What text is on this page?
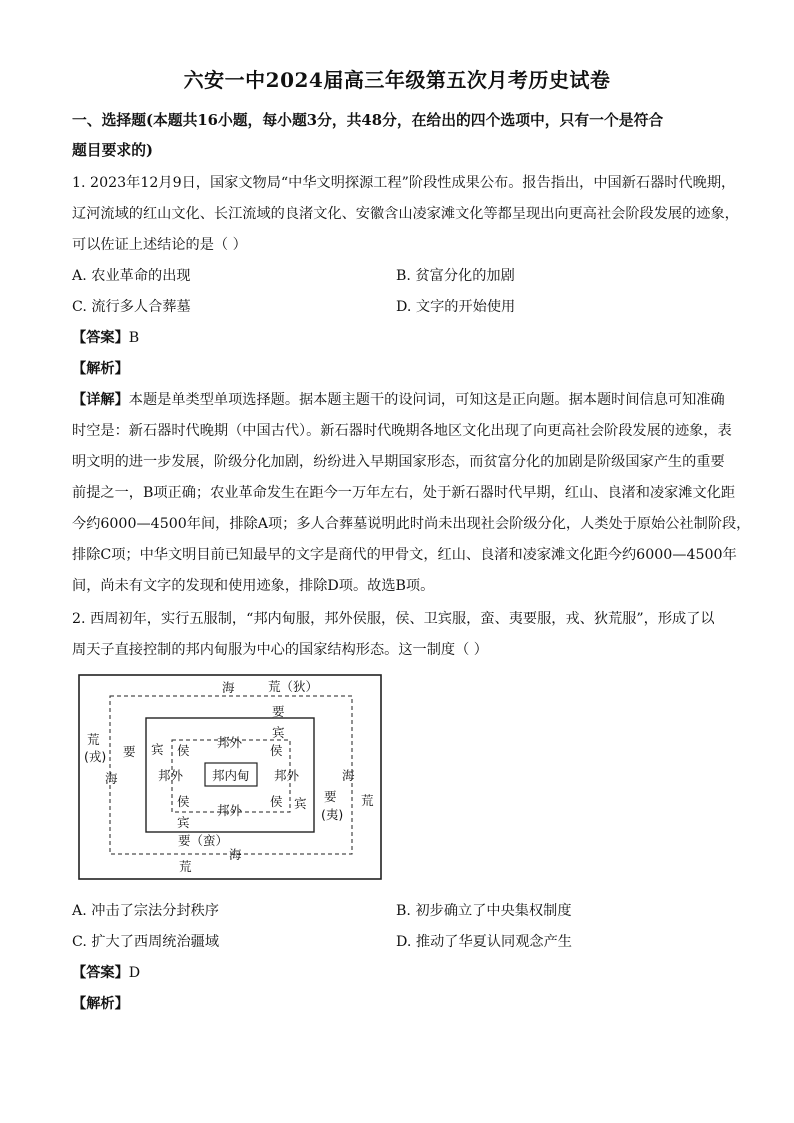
六安一中2024届高三年级第五次月考历史试卷
一、选择题(本题共16小题，每小题3分，共48分，在给出的四个选项中，只有一个是符合
题目要求的)
1. 2023年12月9日，国家文物局“中华文明探源工程”阶段性成果公布。报告指出，中国新石器时代晚期，
辽河流域的红山文化、长江流域的良渚文化、安徽含山凌家滩文化等都呈现出向更高社会阶段发展的迹象，
可以佐证上述结论的是（ ）
A. 农业革命的出现	B. 贫富分化的加剧
C. 流行多人合葬墓	D. 文字的开始使用
【答案】B
【解析】
【详解】本题是单类型单项选择题。据本题主题干的设问词，可知这是正向题。据本题时间信息可知准确
时空是：新石器时代晚期（中国古代）。新石器时代晚期各地区文化出现了向更高社会阶段发展的迹象，表
明文明的进一步发展，阶级分化加剧，纷纷进入早期国家形态，而贫富分化的加剧是阶级国家产生的重要
前提之一，B项正确；农业革命发生在距今一万年左右，处于新石器时代早期，红山、良渚和凌家滩文化距
今约6000—4500年间，排除A项；多人合葬墓说明此时尚未出现社会阶级分化，人类处于原始公社制阶段，
排除C项；中华文明目前已知最早的文字是商代的甲骨文，红山、良渚和凌家滩文化距今约6000—4500年
间，尚未有文字的发现和使用迹象，排除D项。故选B项。
2. 西周初年，实行五服制，“邦内甸服，邦外侯服，侯、卫宾服，蛮、夷要服，戎、狄荒服”，形成了以
周天子直接控制的邦内甸服为中心的国家结构形态。这一制度（ ）
荒（狄）
荒
(戎)
荒
荒
海
海	海
海
要
要
要
(夷)
要（蛮）
宾
宾
宾
宾
侯	侯
侯	侯
邦外
邦外	邦外
邦外
邦内甸
A. 冲击了宗法分封秩序	B. 初步确立了中央集权制度
C. 扩大了西周统治疆域	D. 推动了华夏认同观念产生
【答案】D
【解析】
